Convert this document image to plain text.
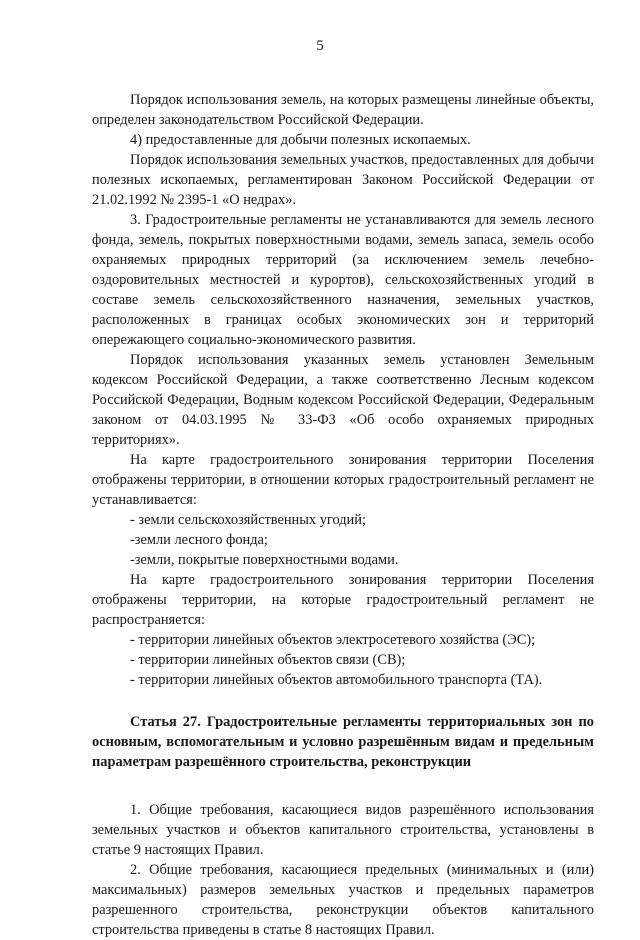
5

Порядок использования земель, на которых размещены линейные объекты, определен законодательством Российской Федерации.

4) предоставленные для добычи полезных ископаемых.

Порядок использования земельных участков, предоставленных для добычи полезных ископаемых, регламентирован Законом Российской Федерации от 21.02.1992 № 2395-1 «О недрах».

3. Градостроительные регламенты не устанавливаются для земель лесного фонда, земель, покрытых поверхностными водами, земель запаса, земель особо охраняемых природных территорий (за исключением земель лечебно-оздоровительных местностей и курортов), сельскохозяйственных угодий в составе земель сельскохозяйственного назначения, земельных участков, расположенных в границах особых экономических зон и территорий опережающего социально-экономического развития.

Порядок использования указанных земель установлен Земельным кодексом Российской Федерации, а также соответственно Лесным кодексом Российской Федерации, Водным кодексом Российской Федерации, Федеральным законом от 04.03.1995 № 33-ФЗ «Об особо охраняемых природных территориях».

На карте градостроительного зонирования территории Поселения отображены территории, в отношении которых градостроительный регламент не устанавливается:

- земли сельскохозяйственных угодий;

-земли лесного фонда;

-земли, покрытые поверхностными водами.

На карте градостроительного зонирования территории Поселения отображены территории, на которые градостроительный регламент не распространяется:

- территории линейных объектов электросетевого хозяйства (ЭС);

- территории линейных объектов связи (СВ);

- территории линейных объектов автомобильного транспорта (ТА).

Статья 27. Градостроительные регламенты территориальных зон по основным, вспомогательным и условно разрешённым видам и предельным параметрам разрешённого строительства, реконструкции

1. Общие требования, касающиеся видов разрешённого использования земельных участков и объектов капитального строительства, установлены в статье 9 настоящих Правил.

2. Общие требования, касающиеся предельных (минимальных и (или) максимальных) размеров земельных участков и предельных параметров разрешенного строительства, реконструкции объектов капитального строительства приведены в статье 8 настоящих Правил.
